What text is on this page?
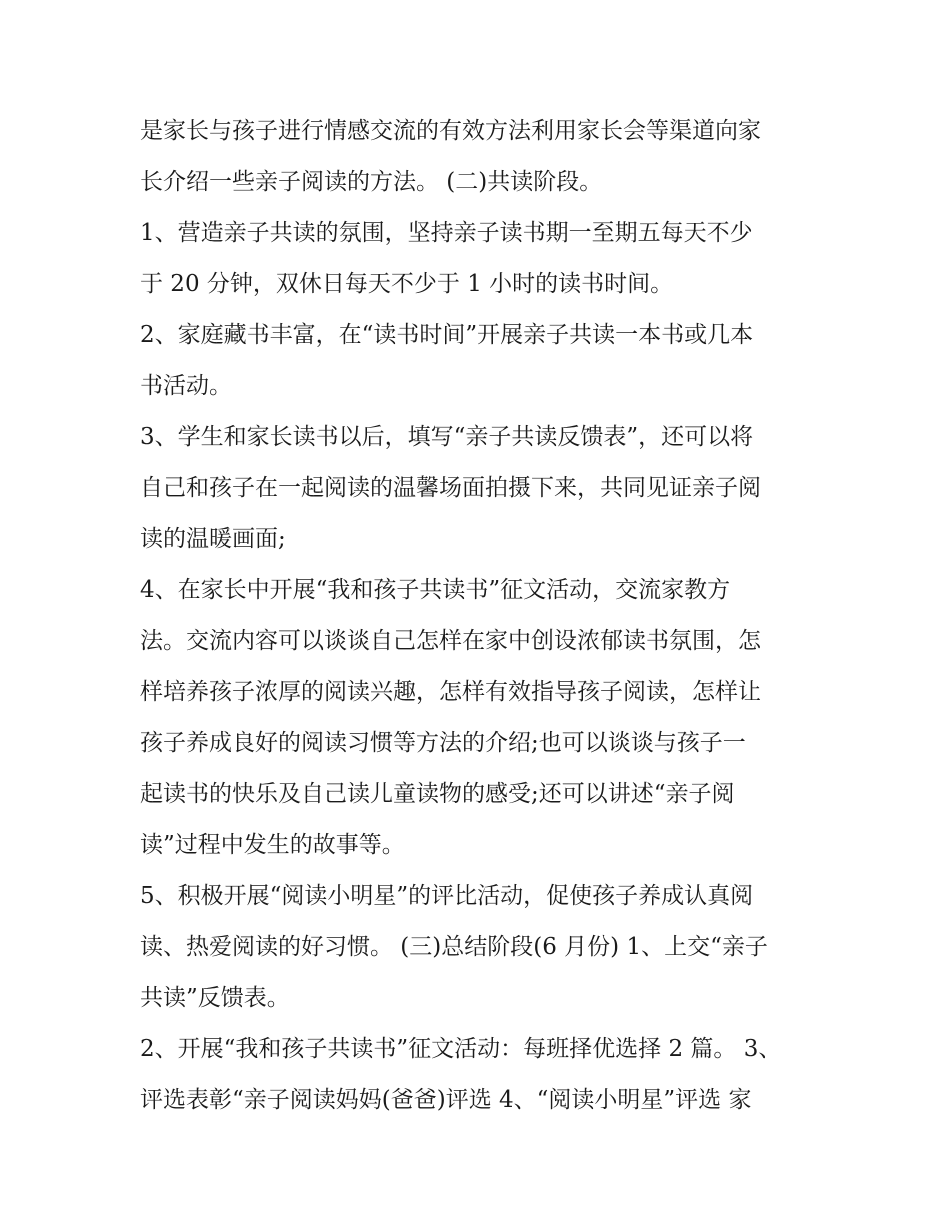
是家长与孩子进行情感交流的有效方法利用家长会等渠道向家
长介绍一些亲子阅读的方法。 (二)共读阶段。
1、营造亲子共读的氛围，坚持亲子读书期一至期五每天不少
于 20 分钟，双休日每天不少于 1 小时的读书时间。
2、家庭藏书丰富，在“读书时间”开展亲子共读一本书或几本
书活动。
3、学生和家长读书以后，填写“亲子共读反馈表”，还可以将
自己和孩子在一起阅读的温馨场面拍摄下来，共同见证亲子阅
读的温暖画面;
4、在家长中开展“我和孩子共读书”征文活动，交流家教方
法。交流内容可以谈谈自己怎样在家中创设浓郁读书氛围，怎
样培养孩子浓厚的阅读兴趣，怎样有效指导孩子阅读，怎样让
孩子养成良好的阅读习惯等方法的介绍;也可以谈谈与孩子一
起读书的快乐及自己读儿童读物的感受;还可以讲述“亲子阅
读”过程中发生的故事等。
5、积极开展“阅读小明星”的评比活动，促使孩子养成认真阅
读、热爱阅读的好习惯。 (三)总结阶段(6 月份) 1、上交“亲子
共读”反馈表。
2、开展“我和孩子共读书”征文活动：每班择优选择 2 篇。 3、
评选表彰“亲子阅读妈妈(爸爸)评选 4、“阅读小明星”评选 家
